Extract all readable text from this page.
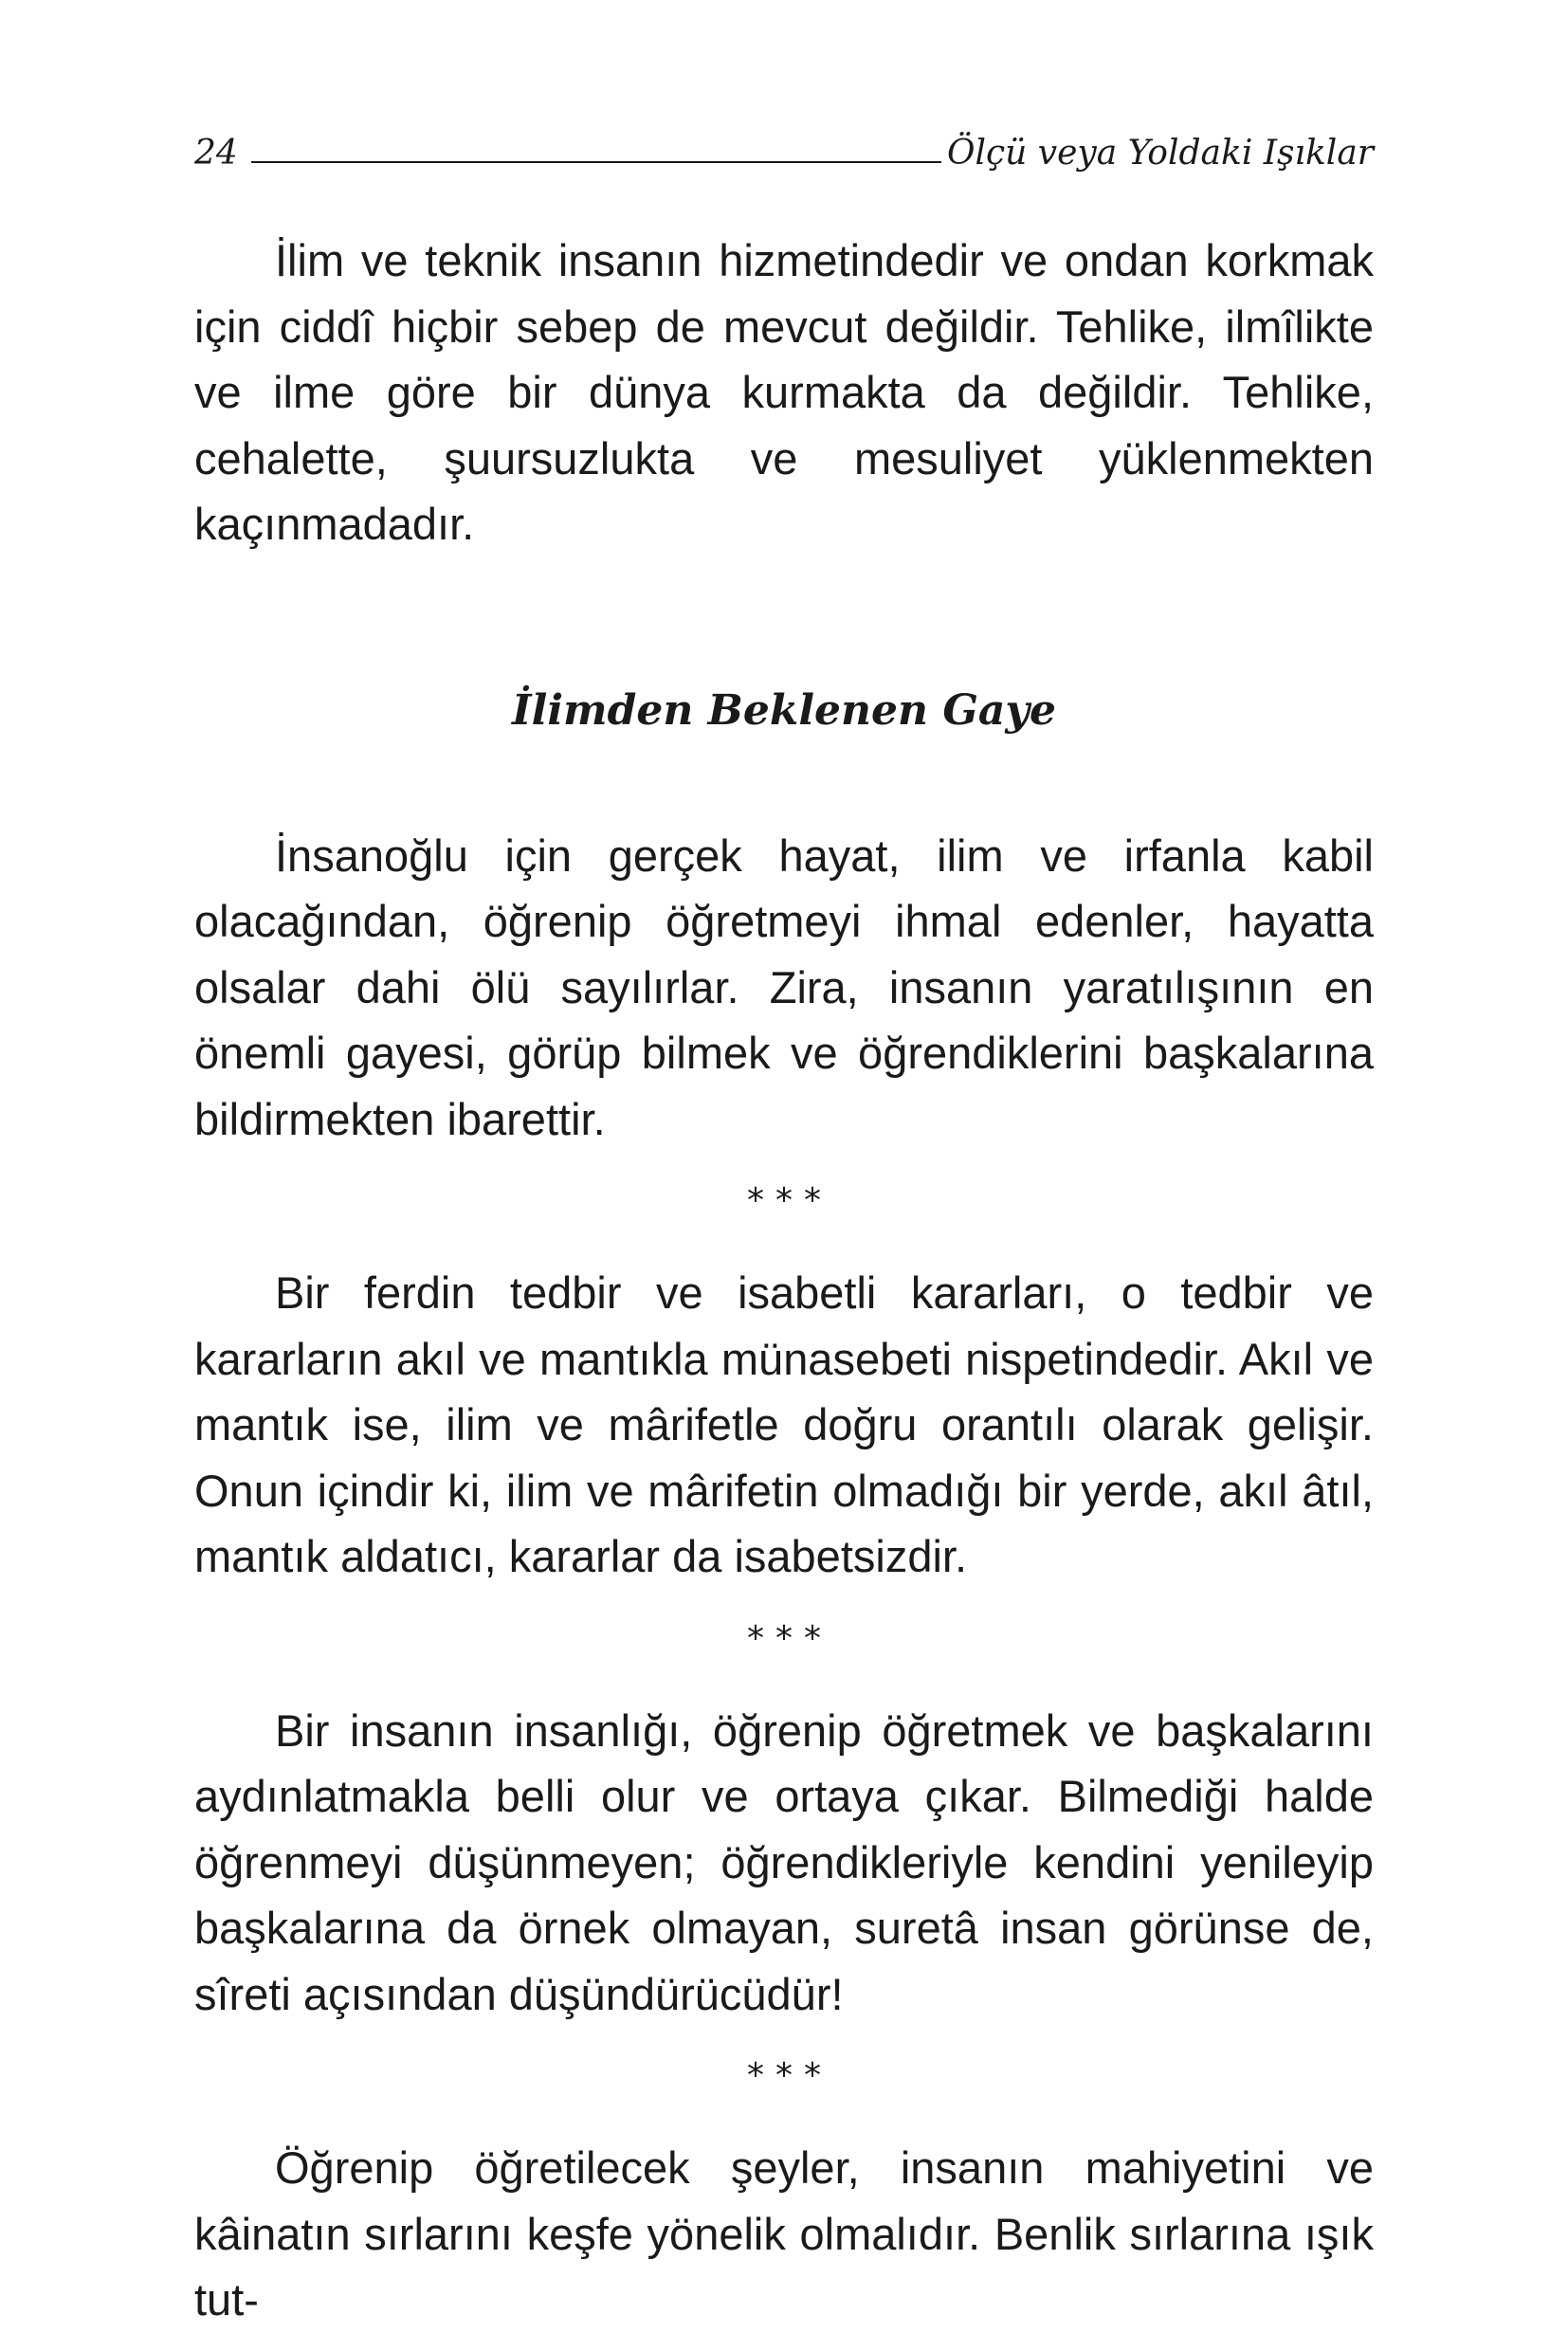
24	Ölçü veya Yoldaki Işıklar

İlim ve teknik insanın hizmetindedir ve ondan korkmak için ciddî hiçbir sebep de mevcut değildir. Tehlike, ilmîlikte ve ilme göre bir dünya kurmakta da değildir. Tehlike, cehalette, şuursuzlukta ve mesuliyet yüklenmekten kaçınmadadır.

İlimden Beklenen Gaye

İnsanoğlu için gerçek hayat, ilim ve irfanla kabil olacağından, öğrenip öğretmeyi ihmal edenler, hayatta olsalar dahi ölü sayılırlar. Zira, insanın yaratılışının en önemli gayesi, görüp bilmek ve öğrendiklerini başkalarına bildirmekten ibarettir.

***

Bir ferdin tedbir ve isabetli kararları, o tedbir ve kararların akıl ve mantıkla münasebeti nispetindedir. Akıl ve mantık ise, ilim ve mârifetle doğru orantılı olarak gelişir. Onun içindir ki, ilim ve mârifetin olmadığı bir yerde, akıl âtıl, mantık aldatıcı, kararlar da isabetsizdir.

***

Bir insanın insanlığı, öğrenip öğretmek ve başkalarını aydınlatmakla belli olur ve ortaya çıkar. Bilmediği halde öğrenmeyi düşünmeyen; öğrendikleriyle kendini yenileyip başkalarına da örnek olmayan, suretâ insan görünse de, sîreti açısından düşündürücüdür!

***

Öğrenip öğretilecek şeyler, insanın mahiyetini ve kâinatın sırlarını keşfe yönelik olmalıdır. Benlik sırlarına ışık tut-
